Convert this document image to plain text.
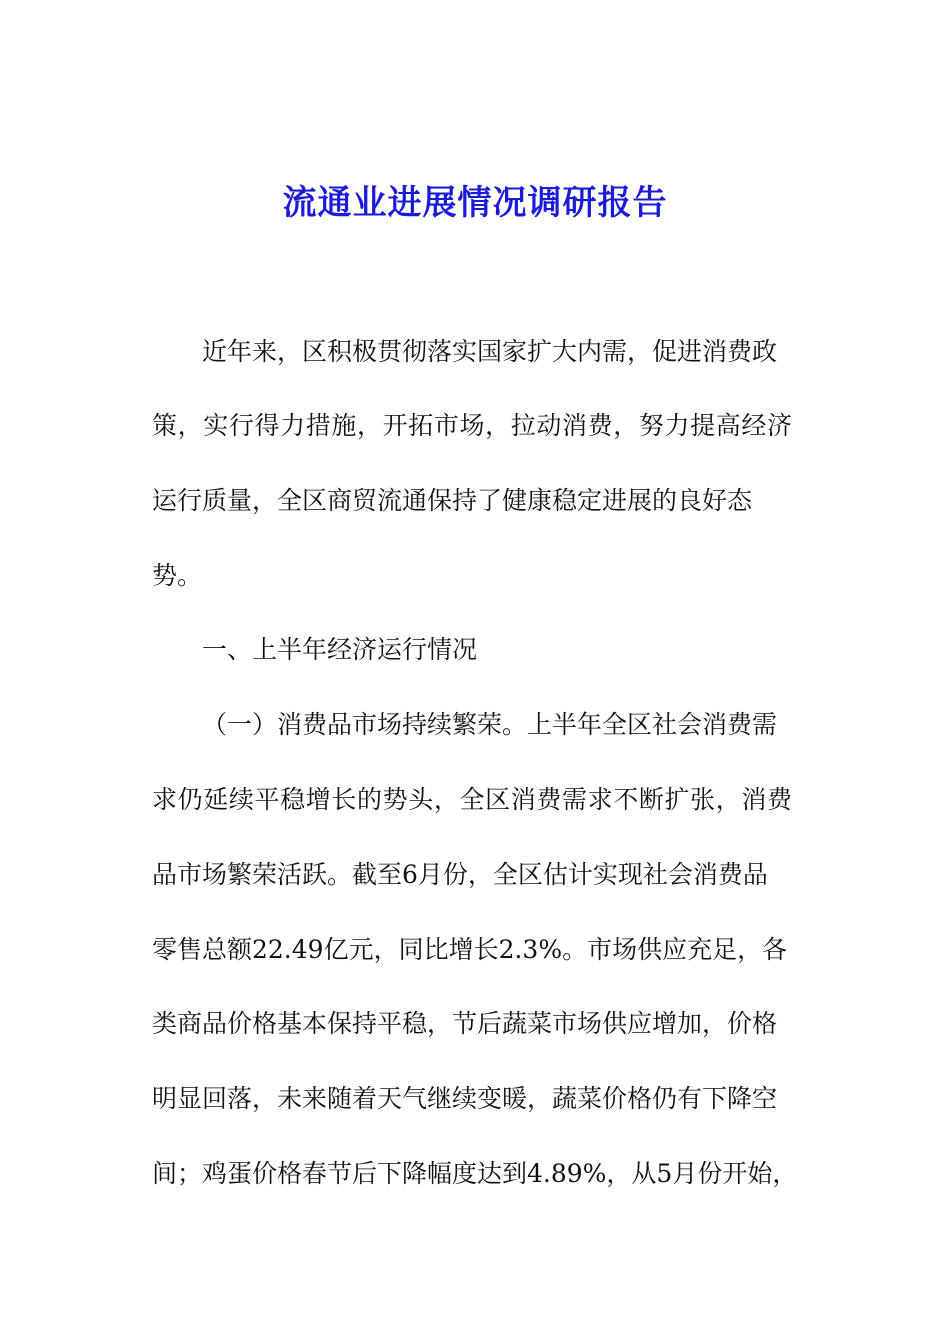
流通业进展情况调研报告
近年来，区积极贯彻落实国家扩大内需，促进消费政
策，实行得力措施，开拓市场，拉动消费，努力提高经济
运行质量，全区商贸流通保持了健康稳定进展的良好态
势。
一、上半年经济运行情况
（一）消费品市场持续繁荣。上半年全区社会消费需
求仍延续平稳增长的势头，全区消费需求不断扩张，消费
品市场繁荣活跃。截至6月份，全区估计实现社会消费品
零售总额22.49亿元，同比增长2.3%。市场供应充足，各
类商品价格基本保持平稳，节后蔬菜市场供应增加，价格
明显回落，未来随着天气继续变暖，蔬菜价格仍有下降空
间；鸡蛋价格春节后下降幅度达到4.89%，从5月份开始，
